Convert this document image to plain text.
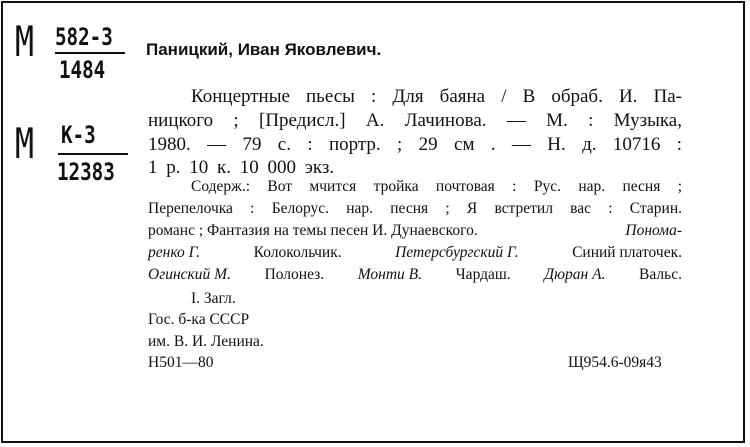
М 582-3
1484
М К-3
12383
Паницкий, Иван Яковлевич.
Концертные пьесы : Для баяна / В обраб. И. Па-
ницкого ; [Предисл.] А. Лачинова. — М. : Музыка,
1980. — 79 с. : портр. ; 29 см . — Н. д. 10716 :
1 р. 10 к. 10 000 экз.
Содерж.: Вот мчится тройка почтовая : Рус. нар. песня ;
Перепелочка : Белорус. нар. песня ; Я встретил вас : Старин.
романс ; Фантазия на темы песен И. Дунаевского.	Пономa-
ренко Г.	Колокольчик.	Петерсбургский Г.	Синий платочек.
Огинский М. Полонез. Монти В. Чардаш. Дюран А. Вальс.
I. Загл.
Гос. б-ка СССР
им. В. И. Ленина.
Н501—80	Щ954.6-09я43
